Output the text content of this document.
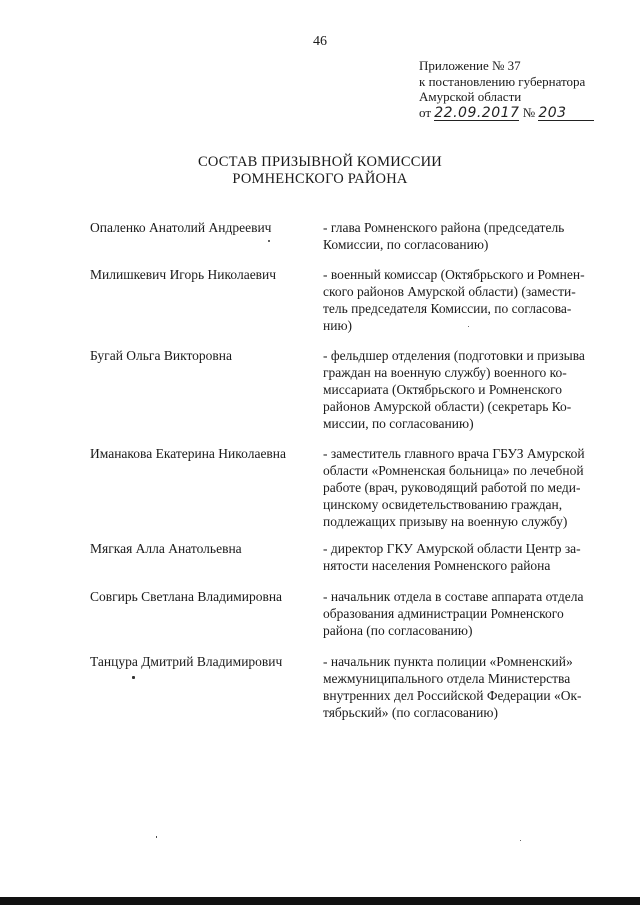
46
Приложение № 37
к постановлению губернатора
Амурской области
от 22.09.2017 № 203
СОСТАВ ПРИЗЫВНОЙ КОМИССИИ
РОМНЕНСКОГО РАЙОНА
Опаленко Анатолий Андреевич	- глава Ромненского района (председатель
Комиссии, по согласованию)
Милишкевич Игорь Николаевич	- военный комиссар (Октябрьского и Ромнен-
ского районов Амурской области) (замести-
тель председателя Комиссии, по согласова-
нию)
Бугай Ольга Викторовна	- фельдшер отделения (подготовки и призыва
граждан на военную службу) военного ко-
миссариата (Октябрьского и Ромненского
районов Амурской области) (секретарь Ко-
миссии, по согласованию)
Иманакова Екатерина Николаевна	- заместитель главного врача ГБУЗ Амурской
области «Ромненская больница» по лечебной
работе (врач, руководящий работой по меди-
цинскому освидетельствованию граждан,
подлежащих призыву на военную службу)
Мягкая Алла Анатольевна	- директор ГКУ Амурской области Центр за-
нятости населения Ромненского района
Совгирь Светлана Владимировна	- начальник отдела в составе аппарата отдела
образования администрации Ромненского
района (по согласованию)
Танцура Дмитрий Владимирович	- начальник пункта полиции «Ромненский»
межмуниципального отдела Министерства
внутренних дел Российской Федерации «Ок-
тябрьский» (по согласованию)
